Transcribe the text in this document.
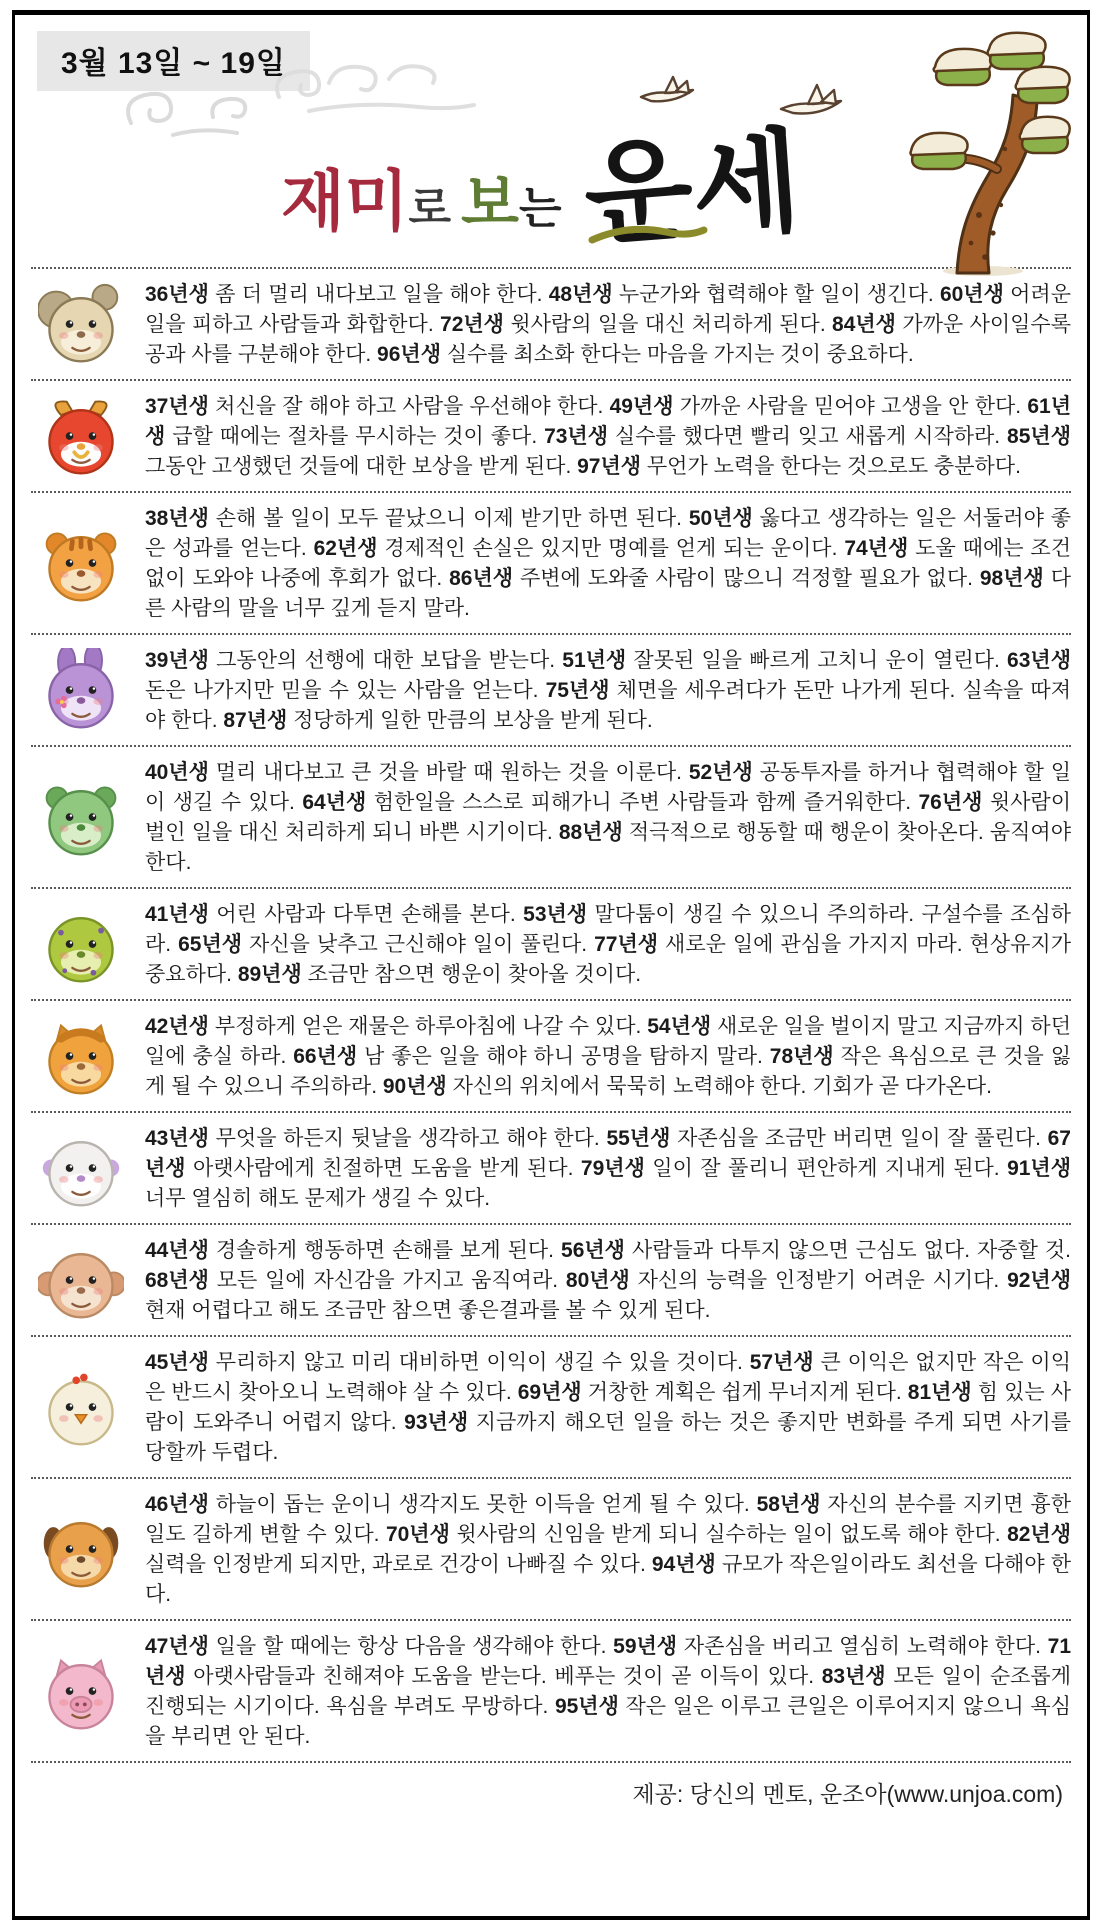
3월 13일 ~ 19일
재미 로 보 는 운세

36년생 좀 더 멀리 내다보고 일을 해야 한다. 48년생 누군가와 협력해야 할 일이 생긴다. 60년생 어려운 일을 피하고 사람들과 화합한다. 72년생 윗사람의 일을 대신 처리하게 된다. 84년생 가까운 사이일수록 공과 사를 구분해야 한다. 96년생 실수를 최소화 한다는 마음을 가지는 것이 중요하다.

37년생 처신을 잘 해야 하고 사람을 우선해야 한다. 49년생 가까운 사람을 믿어야 고생을 안 한다. 61년생 급할 때에는 절차를 무시하는 것이 좋다. 73년생 실수를 했다면 빨리 잊고 새롭게 시작하라. 85년생 그동안 고생했던 것들에 대한 보상을 받게 된다. 97년생 무언가 노력을 한다는 것으로도 충분하다.

38년생 손해 볼 일이 모두 끝났으니 이제 받기만 하면 된다. 50년생 옳다고 생각하는 일은 서둘러야 좋은 성과를 얻는다. 62년생 경제적인 손실은 있지만 명예를 얻게 되는 운이다. 74년생 도울 때에는 조건 없이 도와야 나중에 후회가 없다. 86년생 주변에 도와줄 사람이 많으니 걱정할 필요가 없다. 98년생 다른 사람의 말을 너무 깊게 듣지 말라.

39년생 그동안의 선행에 대한 보답을 받는다. 51년생 잘못된 일을 빠르게 고치니 운이 열린다. 63년생 돈은 나가지만 믿을 수 있는 사람을 얻는다. 75년생 체면을 세우려다가 돈만 나가게 된다. 실속을 따져야 한다. 87년생 정당하게 일한 만큼의 보상을 받게 된다.

40년생 멀리 내다보고 큰 것을 바랄 때 원하는 것을 이룬다. 52년생 공동투자를 하거나 협력해야 할 일이 생길 수 있다. 64년생 험한일을 스스로 피해가니 주변 사람들과 함께 즐거워한다. 76년생 윗사람이 벌인 일을 대신 처리하게 되니 바쁜 시기이다. 88년생 적극적으로 행동할 때 행운이 찾아온다. 움직여야 한다.

41년생 어린 사람과 다투면 손해를 본다. 53년생 말다툼이 생길 수 있으니 주의하라. 구설수를 조심하라. 65년생 자신을 낮추고 근신해야 일이 풀린다. 77년생 새로운 일에 관심을 가지지 마라. 현상유지가 중요하다. 89년생 조금만 참으면 행운이 찾아올 것이다.

42년생 부정하게 얻은 재물은 하루아침에 나갈 수 있다. 54년생 새로운 일을 벌이지 말고 지금까지 하던 일에 충실 하라. 66년생 남 좋은 일을 해야 하니 공명을 탐하지 말라. 78년생 작은 욕심으로 큰 것을 잃게 될 수 있으니 주의하라. 90년생 자신의 위치에서 묵묵히 노력해야 한다. 기회가 곧 다가온다.

43년생 무엇을 하든지 뒷날을 생각하고 해야 한다. 55년생 자존심을 조금만 버리면 일이 잘 풀린다. 67년생 아랫사람에게 친절하면 도움을 받게 된다. 79년생 일이 잘 풀리니 편안하게 지내게 된다. 91년생 너무 열심히 해도 문제가 생길 수 있다.

44년생 경솔하게 행동하면 손해를 보게 된다. 56년생 사람들과 다투지 않으면 근심도 없다. 자중할 것. 68년생 모든 일에 자신감을 가지고 움직여라. 80년생 자신의 능력을 인정받기 어려운 시기다. 92년생 현재 어렵다고 해도 조금만 참으면 좋은결과를 볼 수 있게 된다.

45년생 무리하지 않고 미리 대비하면 이익이 생길 수 있을 것이다. 57년생 큰 이익은 없지만 작은 이익은 반드시 찾아오니 노력해야 살 수 있다. 69년생 거창한 계획은 쉽게 무너지게 된다. 81년생 힘 있는 사람이 도와주니 어렵지 않다. 93년생 지금까지 해오던 일을 하는 것은 좋지만 변화를 주게 되면 사기를 당할까 두렵다.

46년생 하늘이 돕는 운이니 생각지도 못한 이득을 얻게 될 수 있다. 58년생 자신의 분수를 지키면 흉한 일도 길하게 변할 수 있다. 70년생 윗사람의 신임을 받게 되니 실수하는 일이 없도록 해야 한다. 82년생 실력을 인정받게 되지만, 과로로 건강이 나빠질 수 있다. 94년생 규모가 작은일이라도 최선을 다해야 한다.

47년생 일을 할 때에는 항상 다음을 생각해야 한다. 59년생 자존심을 버리고 열심히 노력해야 한다. 71년생 아랫사람들과 친해져야 도움을 받는다. 베푸는 것이 곧 이득이 있다. 83년생 모든 일이 순조롭게 진행되는 시기이다. 욕심을 부려도 무방하다. 95년생 작은 일은 이루고 큰일은 이루어지지 않으니 욕심을 부리면 안 된다.

제공: 당신의 멘토, 운조아(www.unjoa.com)
